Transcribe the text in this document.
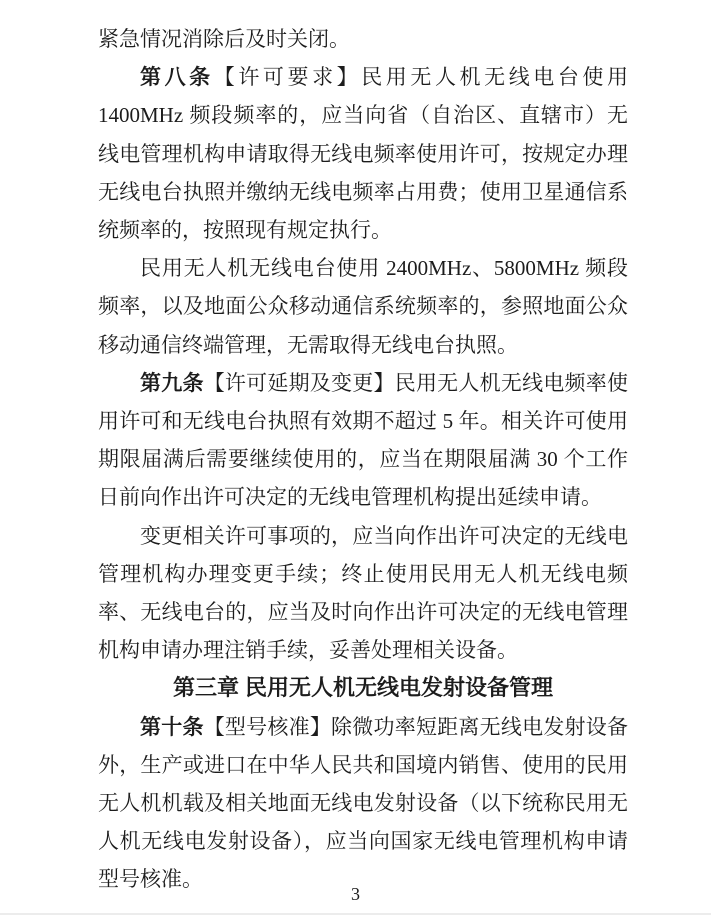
紧急情况消除后及时关闭。

第八条【许可要求】民用无人机无线电台使用 1400MHz 频段频率的，应当向省（自治区、直辖市）无线电管理机构申请取得无线电频率使用许可，按规定办理无线电台执照并缴纳无线电频率占用费；使用卫星通信系统频率的，按照现有规定执行。

民用无人机无线电台使用 2400MHz、5800MHz 频段频率，以及地面公众移动通信系统频率的，参照地面公众移动通信终端管理，无需取得无线电台执照。

第九条【许可延期及变更】民用无人机无线电频率使用许可和无线电台执照有效期不超过 5 年。相关许可使用期限届满后需要继续使用的，应当在期限届满 30 个工作日前向作出许可决定的无线电管理机构提出延续申请。

变更相关许可事项的，应当向作出许可决定的无线电管理机构办理变更手续；终止使用民用无人机无线电频率、无线电台的，应当及时向作出许可决定的无线电管理机构申请办理注销手续，妥善处理相关设备。

第三章 民用无人机无线电发射设备管理

第十条【型号核准】除微功率短距离无线电发射设备外，生产或进口在中华人民共和国境内销售、使用的民用无人机机载及相关地面无线电发射设备（以下统称民用无人机无线电发射设备），应当向国家无线电管理机构申请型号核准。

3
